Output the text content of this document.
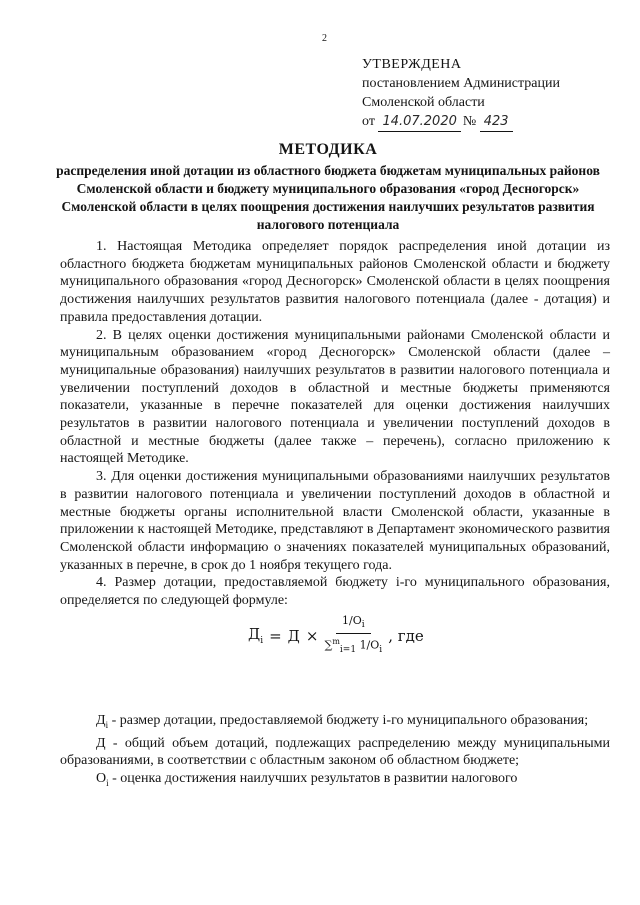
2
УТВЕРЖДЕНА
постановлением Администрации
Смоленской области
от 14.07.2020 № 423
МЕТОДИКА
распределения иной дотации из областного бюджета бюджетам муниципальных районов Смоленской области и бюджету муниципального образования «город Десногорск» Смоленской области в целях поощрения достижения наилучших результатов развития налогового потенциала

1. Настоящая Методика определяет порядок распределения иной дотации из областного бюджета бюджетам муниципальных районов Смоленской области и бюджету муниципального образования «город Десногорск» Смоленской области в целях поощрения достижения наилучших результатов развития налогового потенциала (далее - дотация) и правила предоставления дотации.

2. В целях оценки достижения муниципальными районами Смоленской области и муниципальным образованием «город Десногорск» Смоленской области (далее – муниципальные образования) наилучших результатов в развитии налогового потенциала и увеличении поступлений доходов в областной и местные бюджеты применяются показатели, указанные в перечне показателей для оценки достижения наилучших результатов в развитии налогового потенциала и увеличении поступлений доходов в областной и местные бюджеты (далее также – перечень), согласно приложению к настоящей Методике.

3. Для оценки достижения муниципальными образованиями наилучших результатов в развитии налогового потенциала и увеличении поступлений доходов в областной и местные бюджеты органы исполнительной власти Смоленской области, указанные в приложении к настоящей Методике, представляют в Департамент экономического развития Смоленской области информацию о значениях показателей муниципальных образований, указанных в перечне, в срок до 1 ноября текущего года.

4. Размер дотации, предоставляемой бюджету i-го муниципального образования, определяется по следующей формуле:

$Д_i = Д \times \frac{1/O_i}{\sum^m_{i=1} 1/O_i}$ , где

$Д_i$ - размер дотации, предоставляемой бюджету i-го муниципального образования;

Д - общий объем дотаций, подлежащих распределению между муниципальными образованиями, в соответствии с областным законом об областном бюджете;

$O_i$ - оценка достижения наилучших результатов в развитии налогового
